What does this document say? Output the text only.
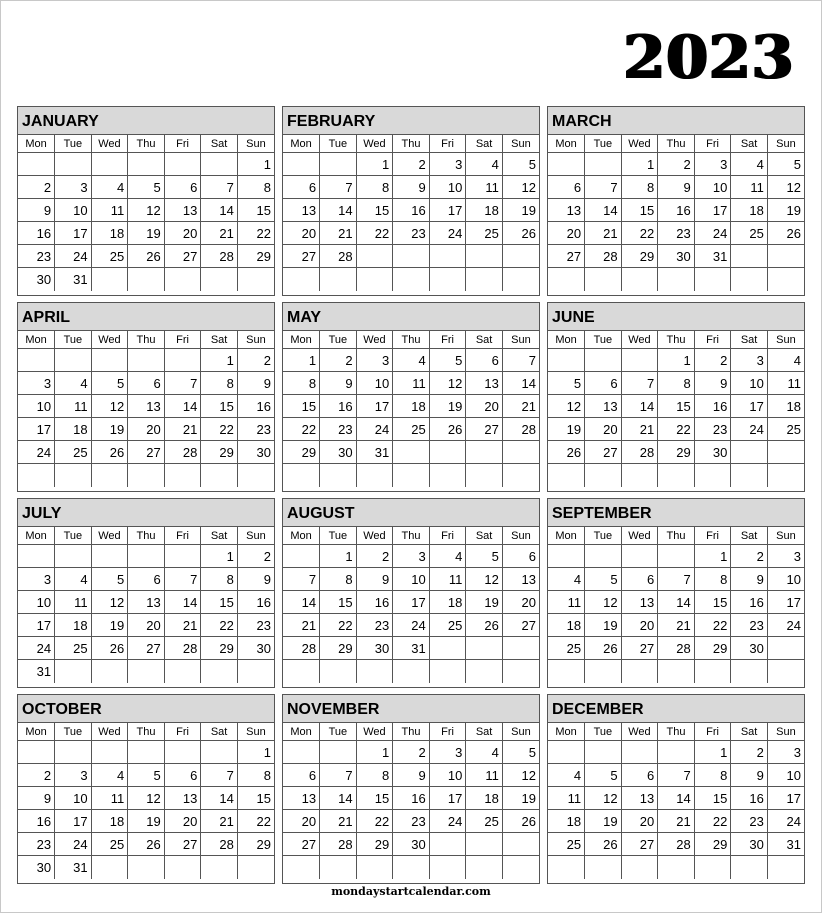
2023
JANUARY
Mon	Tue	Wed	Thu	Fri	Sat	Sun
						1
2	3	4	5	6	7	8
9	10	11	12	13	14	15
16	17	18	19	20	21	22
23	24	25	26	27	28	29
30	31					
FEBRUARY
Mon	Tue	Wed	Thu	Fri	Sat	Sun
		1	2	3	4	5
6	7	8	9	10	11	12
13	14	15	16	17	18	19
20	21	22	23	24	25	26
27	28					

MARCH
Mon	Tue	Wed	Thu	Fri	Sat	Sun
		1	2	3	4	5
6	7	8	9	10	11	12
13	14	15	16	17	18	19
20	21	22	23	24	25	26
27	28	29	30	31		

APRIL
Mon	Tue	Wed	Thu	Fri	Sat	Sun
					1	2
3	4	5	6	7	8	9
10	11	12	13	14	15	16
17	18	19	20	21	22	23
24	25	26	27	28	29	30

MAY
Mon	Tue	Wed	Thu	Fri	Sat	Sun
1	2	3	4	5	6	7
8	9	10	11	12	13	14
15	16	17	18	19	20	21
22	23	24	25	26	27	28
29	30	31				

JUNE
Mon	Tue	Wed	Thu	Fri	Sat	Sun
			1	2	3	4
5	6	7	8	9	10	11
12	13	14	15	16	17	18
19	20	21	22	23	24	25
26	27	28	29	30		

JULY
Mon	Tue	Wed	Thu	Fri	Sat	Sun
					1	2
3	4	5	6	7	8	9
10	11	12	13	14	15	16
17	18	19	20	21	22	23
24	25	26	27	28	29	30
31						
AUGUST
Mon	Tue	Wed	Thu	Fri	Sat	Sun
	1	2	3	4	5	6
7	8	9	10	11	12	13
14	15	16	17	18	19	20
21	22	23	24	25	26	27
28	29	30	31			

SEPTEMBER
Mon	Tue	Wed	Thu	Fri	Sat	Sun
				1	2	3
4	5	6	7	8	9	10
11	12	13	14	15	16	17
18	19	20	21	22	23	24
25	26	27	28	29	30	

OCTOBER
Mon	Tue	Wed	Thu	Fri	Sat	Sun
						1
2	3	4	5	6	7	8
9	10	11	12	13	14	15
16	17	18	19	20	21	22
23	24	25	26	27	28	29
30	31					
NOVEMBER
Mon	Tue	Wed	Thu	Fri	Sat	Sun
		1	2	3	4	5
6	7	8	9	10	11	12
13	14	15	16	17	18	19
20	21	22	23	24	25	26
27	28	29	30			

DECEMBER
Mon	Tue	Wed	Thu	Fri	Sat	Sun
				1	2	3
4	5	6	7	8	9	10
11	12	13	14	15	16	17
18	19	20	21	22	23	24
25	26	27	28	29	30	31

mondaystartcalendar.com
